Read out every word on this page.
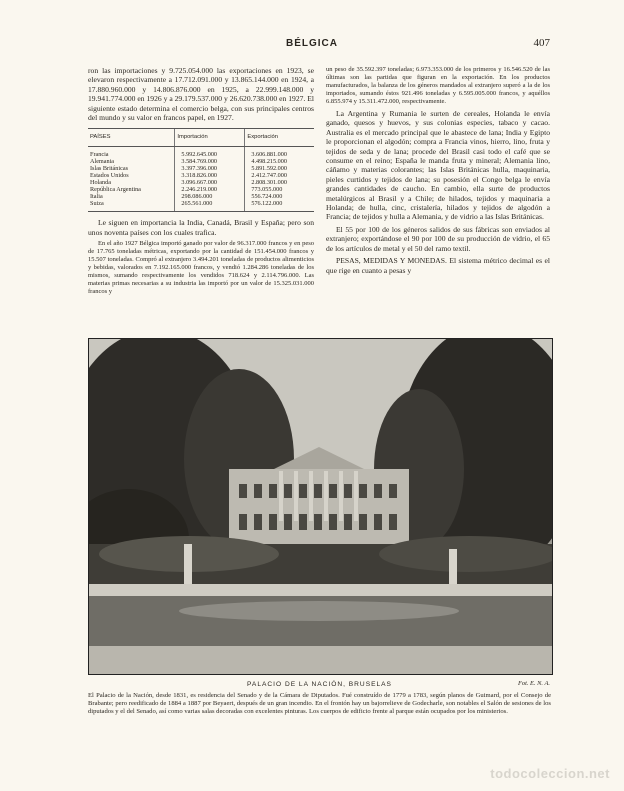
BÉLGICA	407

ron las importaciones y 9.725.054.000 las exportaciones en 1923, se elevaron respectivamente a 17.712.091.000 y 13.865.144.000 en 1924, a 17.880.960.000 y 14.806.876.000 en 1925, a 22.999.148.000 y 19.941.774.000 en 1926 y a 29.179.537.000 y 26.620.738.000 en 1927. El siguiente estado determina el comercio belga, con sus principales centros del mundo y su valor en francos papel, en 1927.

PAÍSES	Importación	Exportación
Francia	5.992.645.000	3.606.881.000
Alemania	3.584.769.000	4.498.215.000
Islas Británicas	3.397.396.000	5.891.592.000
Estados Unidos	3.318.826.000	2.412.747.000
Holanda	3.096.667.000	2.808.301.000
República Argentina	2.246.219.000	773.055.000
Italia	298.086.000	556.724.000
Suiza	265.561.000	576.122.000

Le siguen en importancia la India, Canadá, Brasil y España; pero son unos noventa países con los cuales trafica.

En el año 1927 Bélgica importó ganado por valor de 96.317.000 francos y en peso de 17.765 toneladas métricas, exportando por la cantidad de 151.454.000 francos y 15.507 toneladas. Compró al extranjero 3.494.201 toneladas de productos alimenticios y bebidas, valorados en 7.192.165.000 francos, y vendió 1.284.286 toneladas de los mismos, sumando respectivamente los vendidos 718.624 y 2.114.796.000. Las materias primas necesarias a su industria las importó por un valor de 15.325.031.000 francos y

un peso de 35.592.397 toneladas; 6.973.353.000 de los primeros y 16.546.520 de las últimas son las partidas que figuran en la exportación. En los productos manufacturados, la balanza de los géneros mandados al extranjero superó a la de los importados, sumando éstos 921.496 toneladas y 6.595.005.000 francos, y aquéllos 6.855.974 y 15.311.472.000, respectivamente.

La Argentina y Rumania le surten de cereales, Holanda le envía ganado, quesos y huevos, y sus colonias especies, tabaco y cacao. Australia es el mercado principal que le abastece de lana; India y Egipto le proporcionan el algodón; compra a Francia vinos, hierro, lino, fruta y tejidos de seda y de lana; procede del Brasil casi todo el café que se consume en el reino; España le manda fruta y mineral; Alemania lino, cáñamo y materias colorantes; las Islas Británicas hulla, maquinaria, pieles curtidos y tejidos de lana; su posesión el Congo belga le envía grandes cantidades de caucho. En cambio, ella surte de productos metalúrgicos al Brasil y a Chile; de hilados, tejidos y maquinaria a Holanda; de hulla, cinc, cristalería, hilados y tejidos de algodón a Francia; de tejidos y hulla a Alemania, y de vidrio a las Islas Británicas.

El 55 por 100 de los géneros salidos de sus fábricas son enviados al extranjero; exportándose el 90 por 100 de su producción de vidrio, el 65 de los artículos de metal y el 50 del ramo textil.

PESAS, MEDIDAS Y MONEDAS. El sistema métrico decimal es el que rige en cuanto a pesas y

PALACIO DE LA NACIÓN, BRUSELAS	Fot. E. N. A.
El Palacio de la Nación, desde 1831, es residencia del Senado y de la Cámara de Diputados. Fué construído de 1779 a 1783, según planos de Guimard, por el Consejo de Brabante; pero reedificado de 1884 a 1887 por Beyaert, después de un gran incendio. En el frontón hay un bajorrelieve de Godecharle, son notables el Salón de sesiones de los diputados y el del Senado, así como varias salas decoradas con excelentes pinturas. Los cuerpos de edificio frente al parque están ocupados por los ministerios.
todocoleccion.net
